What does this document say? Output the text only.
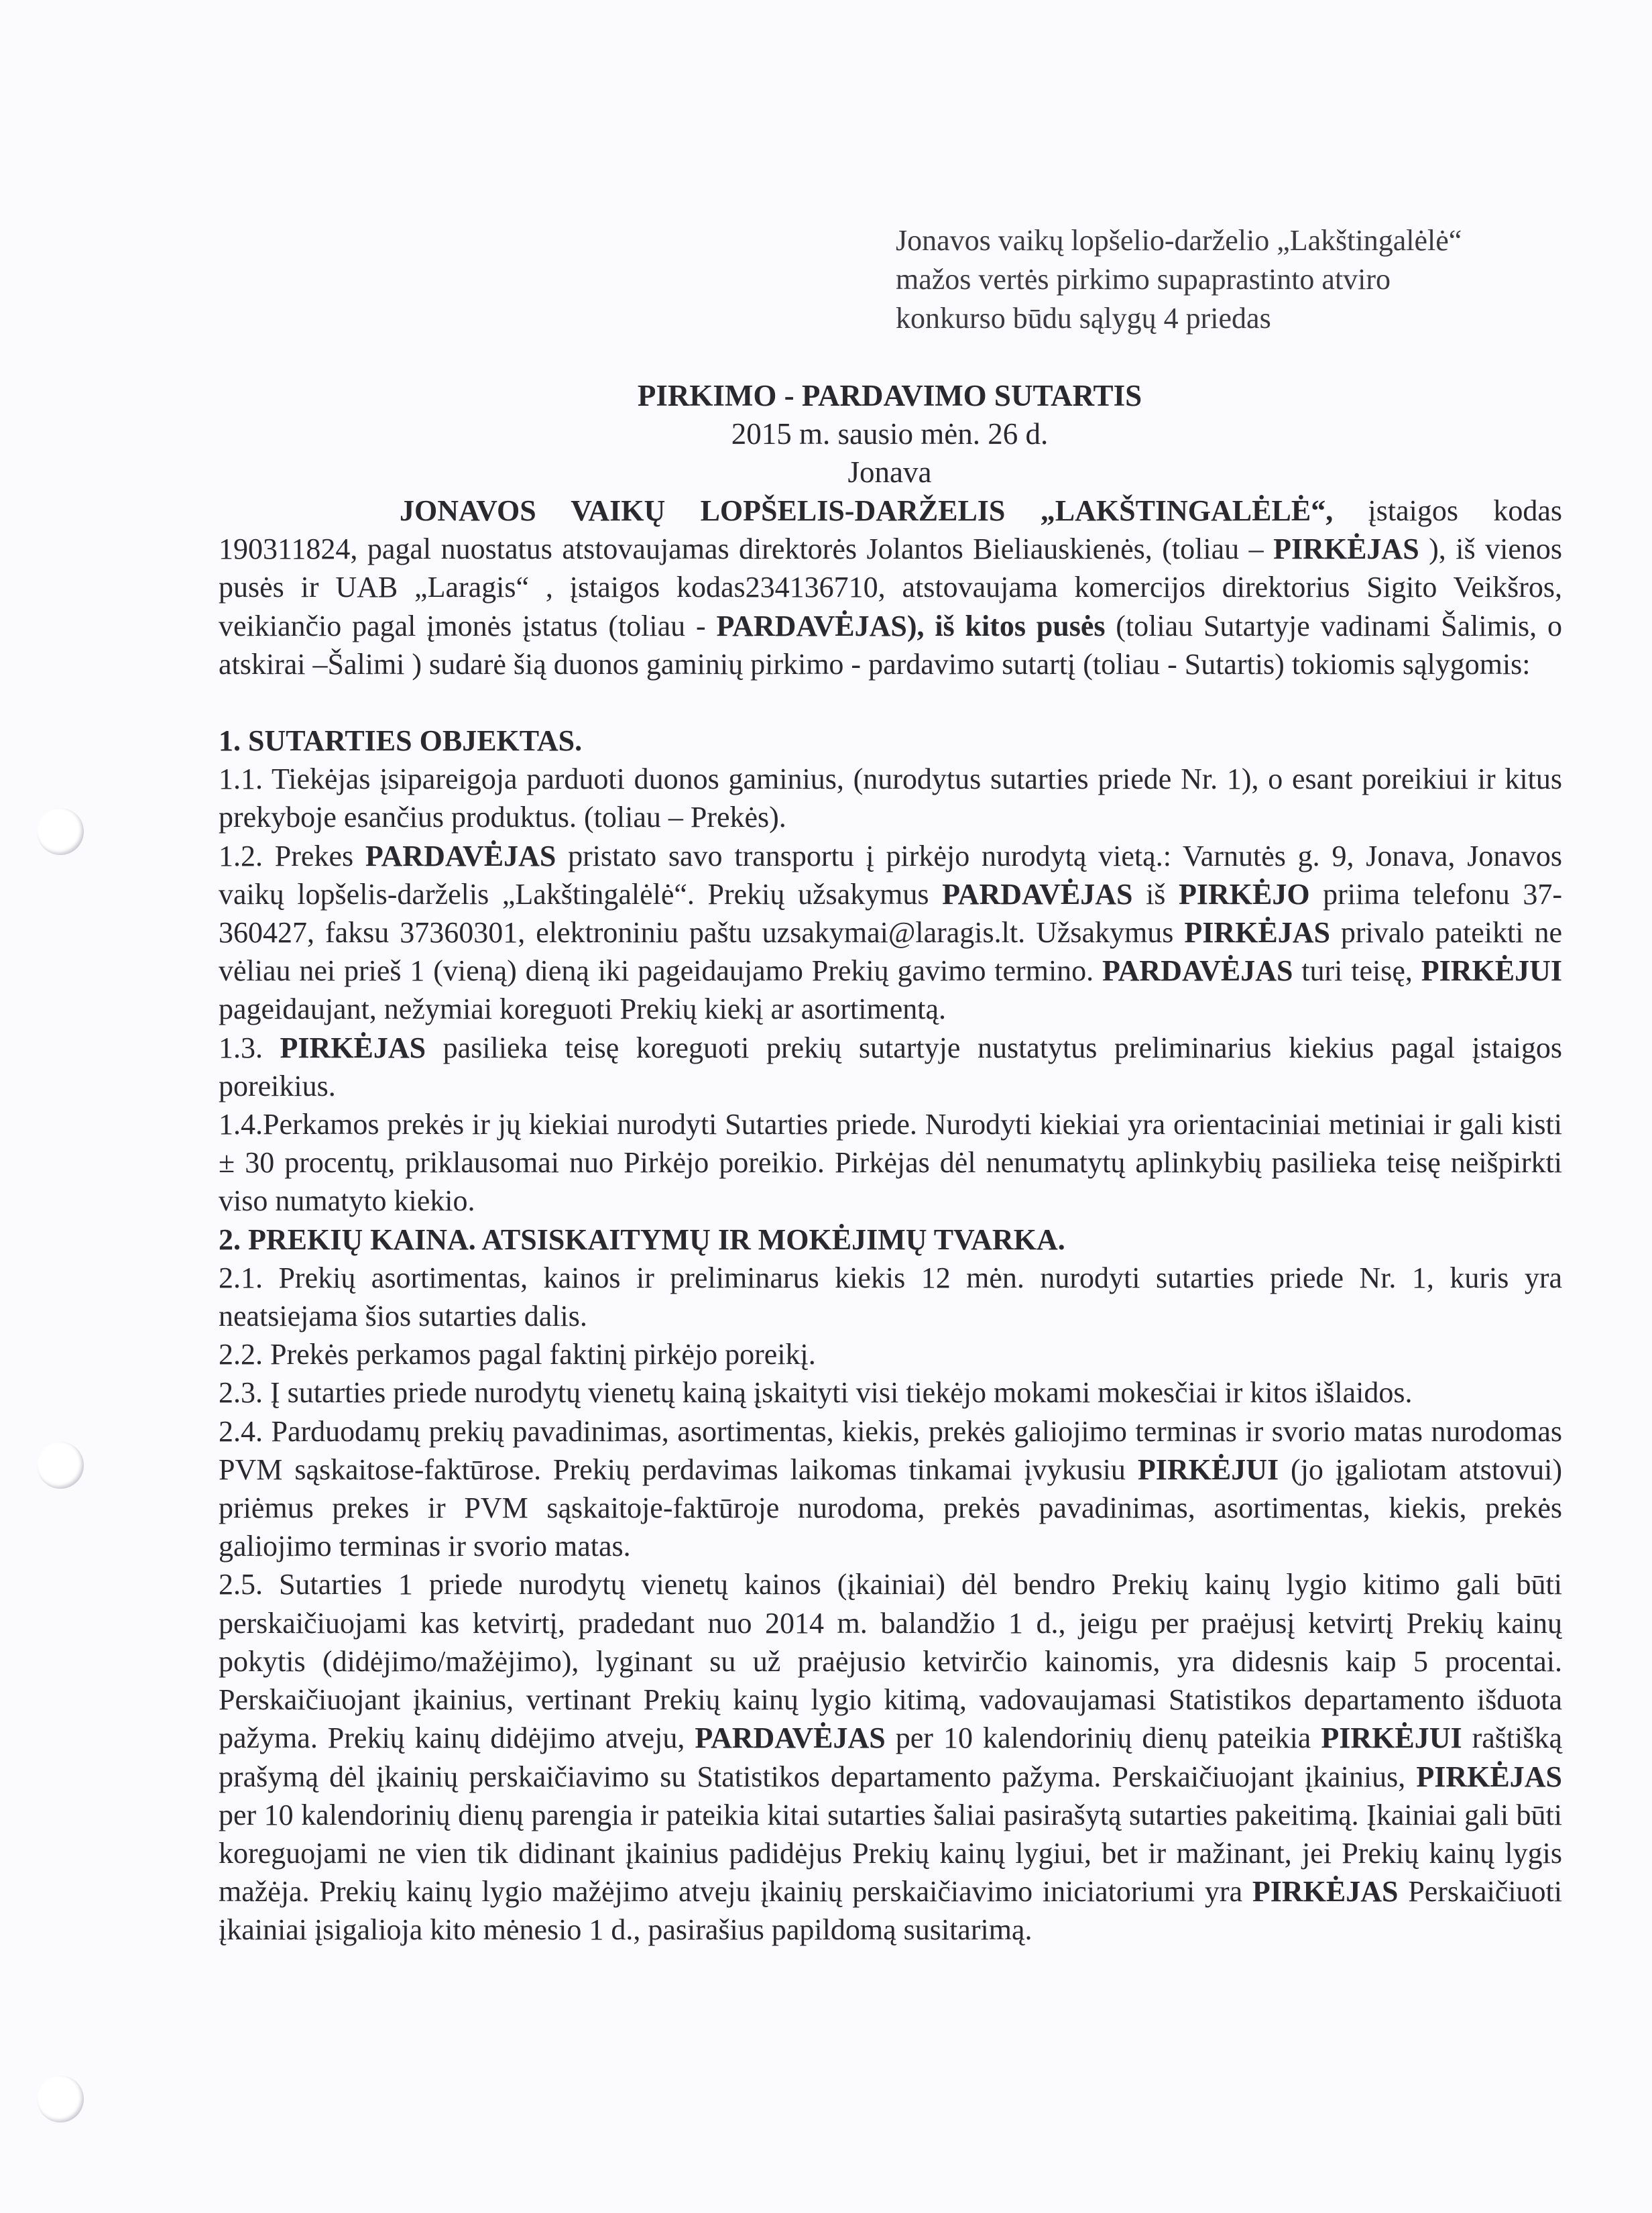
Jonavos vaikų lopšelio-darželio „Lakštingalėlė“
mažos vertės pirkimo supaprastinto atviro
konkurso būdu sąlygų 4 priedas
PIRKIMO - PARDAVIMO SUTARTIS
2015 m. sausio mėn. 26 d.
Jonava

JONAVOS VAIKŲ LOPŠELIS-DARŽELIS „LAKŠTINGALĖLĖ“, įstaigos kodas 190311824, pagal nuostatus atstovaujamas direktorės Jolantos Bieliauskienės, (toliau – PIRKĖJAS ), iš vienos pusės ir UAB „Laragis“ , įstaigos kodas234136710, atstovaujama komercijos direktorius Sigito Veikšros, veikiančio pagal įmonės įstatus (toliau - PARDAVĖJAS), iš kitos pusės (toliau Sutartyje vadinami Šalimis, o atskirai –Šalimi ) sudarė šią duonos gaminių pirkimo - pardavimo sutartį (toliau - Sutartis) tokiomis sąlygomis:

1. SUTARTIES OBJEKTAS.

1.1. Tiekėjas įsipareigoja parduoti duonos gaminius, (nurodytus sutarties priede Nr. 1), o esant poreikiui ir kitus prekyboje esančius produktus. (toliau – Prekės).

1.2. Prekes PARDAVĖJAS pristato savo transportu į pirkėjo nurodytą vietą.: Varnutės g. 9, Jonava, Jonavos vaikų lopšelis-darželis „Lakštingalėlė“. Prekių užsakymus PARDAVĖJAS iš PIRKĖJO priima telefonu 37-360427, faksu 37360301, elektroniniu paštu uzsakymai@laragis.lt. Užsakymus PIRKĖJAS privalo pateikti ne vėliau nei prieš 1 (vieną) dieną iki pageidaujamo Prekių gavimo termino. PARDAVĖJAS turi teisę, PIRKĖJUI pageidaujant, nežymiai koreguoti Prekių kiekį ar asortimentą.

1.3. PIRKĖJAS pasilieka teisę koreguoti prekių sutartyje nustatytus preliminarius kiekius pagal įstaigos poreikius.

1.4.Perkamos prekės ir jų kiekiai nurodyti Sutarties priede. Nurodyti kiekiai yra orientaciniai metiniai ir gali kisti ± 30 procentų, priklausomai nuo Pirkėjo poreikio. Pirkėjas dėl nenumatytų aplinkybių pasilieka teisę neišpirkti viso numatyto kiekio.

2. PREKIŲ KAINA. ATSISKAITYMŲ IR MOKĖJIMŲ TVARKA.

2.1. Prekių asortimentas, kainos ir preliminarus kiekis 12 mėn. nurodyti sutarties priede Nr. 1, kuris yra neatsiejama šios sutarties dalis.

2.2. Prekės perkamos pagal faktinį pirkėjo poreikį.

2.3. Į sutarties priede nurodytų vienetų kainą įskaityti visi tiekėjo mokami mokesčiai ir kitos išlaidos.

2.4. Parduodamų prekių pavadinimas, asortimentas, kiekis, prekės galiojimo terminas ir svorio matas nurodomas PVM sąskaitose-faktūrose. Prekių perdavimas laikomas tinkamai įvykusiu PIRKĖJUI (jo įgaliotam atstovui) priėmus prekes ir PVM sąskaitoje-faktūroje nurodoma, prekės pavadinimas, asortimentas, kiekis, prekės galiojimo terminas ir svorio matas.

2.5. Sutarties 1 priede nurodytų vienetų kainos (įkainiai) dėl bendro Prekių kainų lygio kitimo gali būti perskaičiuojami kas ketvirtį, pradedant nuo 2014 m. balandžio 1 d., jeigu per praėjusį ketvirtį Prekių kainų pokytis (didėjimo/mažėjimo), lyginant su už praėjusio ketvirčio kainomis, yra didesnis kaip 5 procentai. Perskaičiuojant įkainius, vertinant Prekių kainų lygio kitimą, vadovaujamasi Statistikos departamento išduota pažyma. Prekių kainų didėjimo atveju, PARDAVĖJAS per 10 kalendorinių dienų pateikia PIRKĖJUI raštišką prašymą dėl įkainių perskaičiavimo su Statistikos departamento pažyma. Perskaičiuojant įkainius, PIRKĖJAS per 10 kalendorinių dienų parengia ir pateikia kitai sutarties šaliai pasirašytą sutarties pakeitimą. Įkainiai gali būti koreguojami ne vien tik didinant įkainius padidėjus Prekių kainų lygiui, bet ir mažinant, jei Prekių kainų lygis mažėja. Prekių kainų lygio mažėjimo atveju įkainių perskaičiavimo iniciatoriumi yra PIRKĖJAS Perskaičiuoti įkainiai įsigalioja kito mėnesio 1 d., pasirašius papildomą susitarimą.
